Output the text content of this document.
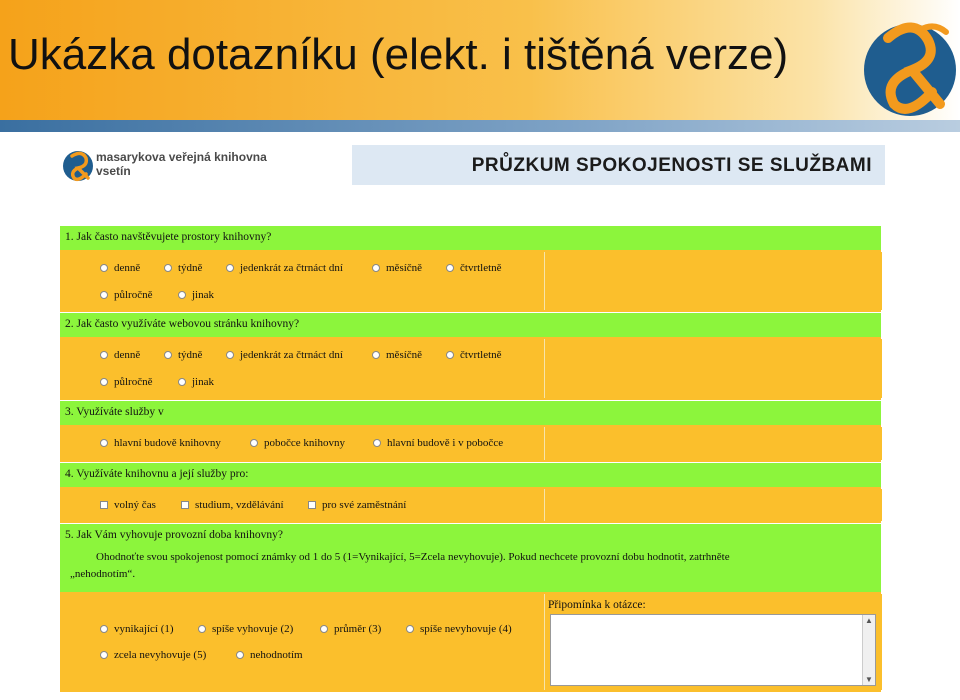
Ukázka dotazníku (elekt. i tištěná verze)
masarykova veřejná knihovna
vsetín	PRŮZKUM SPOKOJENOSTI SE SLUŽBAMI
1. Jak často navštěvujete prostory knihovny?
denně	týdně	jedenkrát za čtrnáct dní	měsíčně	čtvrtletně
půlročně	jinak
2. Jak často využíváte webovou stránku knihovny?
denně	týdně	jedenkrát za čtrnáct dní	měsíčně	čtvrtletně
půlročně	jinak
3. Využíváte služby v
hlavní budově knihovny	pobočce knihovny	hlavní budově i v pobočce
4. Využíváte knihovnu a její služby pro:
volný čas	studium, vzdělávání	pro své zaměstnání
5. Jak Vám vyhovuje provozní doba knihovny?
Ohodnoťte svou spokojenost pomocí známky od 1 do 5 (1=Vynikající, 5=Zcela nevyhovuje). Pokud nechcete provozní dobu hodnotit, zatrhněte
„nehodnotím“.
vynikající (1)	spíše vyhovuje (2)	průměr (3)	spíše nevyhovuje (4)
zcela nevyhovuje (5)	nehodnotím
Připomínka k otázce:
▲
▼
